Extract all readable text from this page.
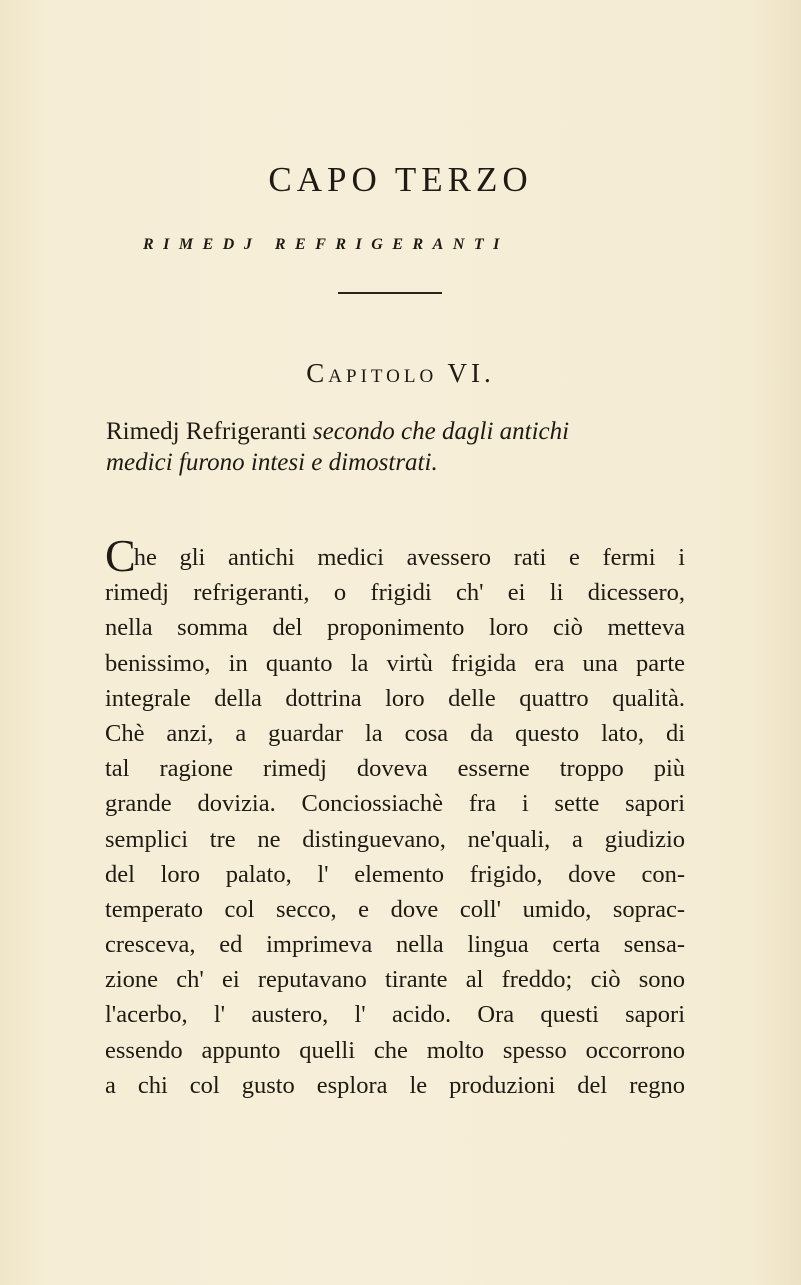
CAPO TERZO
RIMEDJ REFRIGERANTI
Capitolo VI.
Rimedj Refrigeranti secondo che dagli antichi
medici furono intesi e dimostrati.
Che gli antichi medici avessero rati e fermi i
rimedj refrigeranti, o frigidi ch' ei li dicessero,
nella somma del proponimento loro ciò metteva
benissimo, in quanto la virtù frigida era una parte
integrale della dottrina loro delle quattro qualità.
Chè anzi, a guardar la cosa da questo lato, di
tal ragione rimedj doveva esserne troppo più
grande dovizia. Conciossiachè fra i sette sapori
semplici tre ne distinguevano, ne'quali, a giudizio
del loro palato, l' elemento frigido, dove con-
temperato col secco, e dove coll' umido, soprac-
cresceva, ed imprimeva nella lingua certa sensa-
zione ch' ei reputavano tirante al freddo; ciò sono
l'acerbo, l' austero, l' acido. Ora questi sapori
essendo appunto quelli che molto spesso occorrono
a chi col gusto esplora le produzioni del regno
